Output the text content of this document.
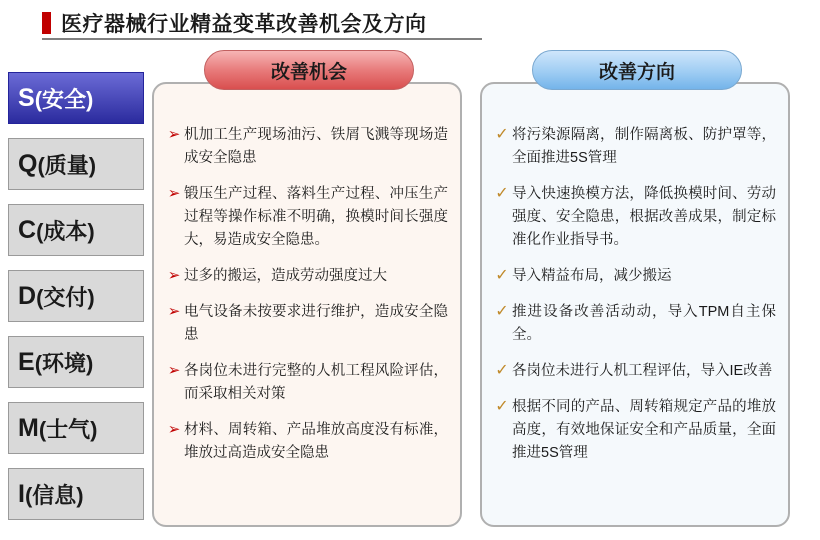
医疗器械行业精益变革改善机会及方向
S (安全)
Q (质量)
C (成本)
D (交付)
E (环境)
M (士气)
I (信息)
改善机会
➢ 机加工生产现场油污、铁屑飞溅等现场造成安全隐患
➢ 锻压生产过程、落料生产过程、冲压生产过程等操作标准不明确，换模时间长强度大，易造成安全隐患。
➢ 过多的搬运，造成劳动强度过大
➢ 电气设备未按要求进行维护，造成安全隐患
➢ 各岗位未进行完整的人机工程风险评估，而采取相关对策
➢ 材料、周转箱、产品堆放高度没有标准，堆放过高造成安全隐患
改善方向
✓ 将污染源隔离，制作隔离板、防护罩等，全面推进5S管理
✓ 导入快速换模方法，降低换模时间、劳动强度、安全隐患，根据改善成果，制定标准化作业指导书。
✓ 导入精益布局，减少搬运
✓ 推进设备改善活动动，导入TPM自主保全。
✓ 各岗位未进行人机工程评估，导入IE改善
✓ 根据不同的产品、周转箱规定产品的堆放高度，有效地保证安全和产品质量，全面推进5S管理
